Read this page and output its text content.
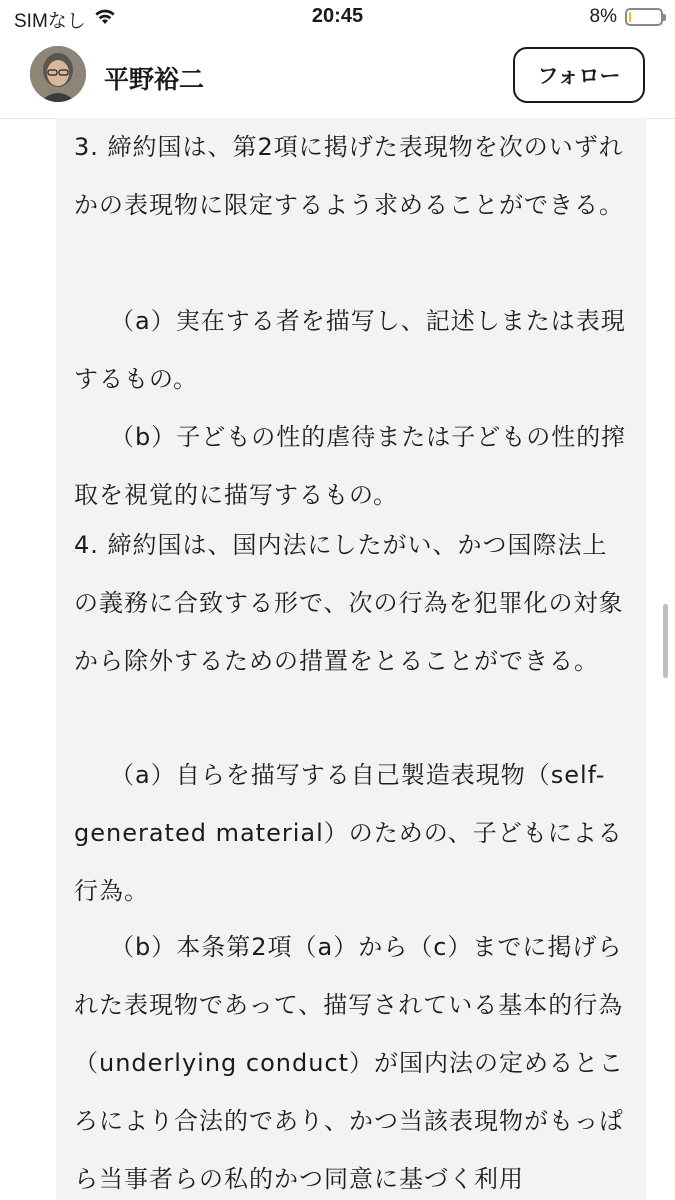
SIMなし	20:45	8%
平野裕二	フォロー

3. 締約国は、第2項に掲げた表現物を次のいずれかの表現物に限定するよう求めることができる。

（a）実在する者を描写し、記述しまたは表現するもの。

（b）子どもの性的虐待または子どもの性的搾取を視覚的に描写するもの。

4. 締約国は、国内法にしたがい、かつ国際法上の義務に合致する形で、次の行為を犯罪化の対象から除外するための措置をとることができる。

（a）自らを描写する自己製造表現物（self-generated material）のための、子どもによる行為。

（b）本条第2項（a）から（c）までに掲げられた表現物であって、描写されている基本的行為（underlying conduct）が国内法の定めるところにより合法的であり、かつ当該表現物がもっぱら当事者らの私的かつ同意に基づく利用
